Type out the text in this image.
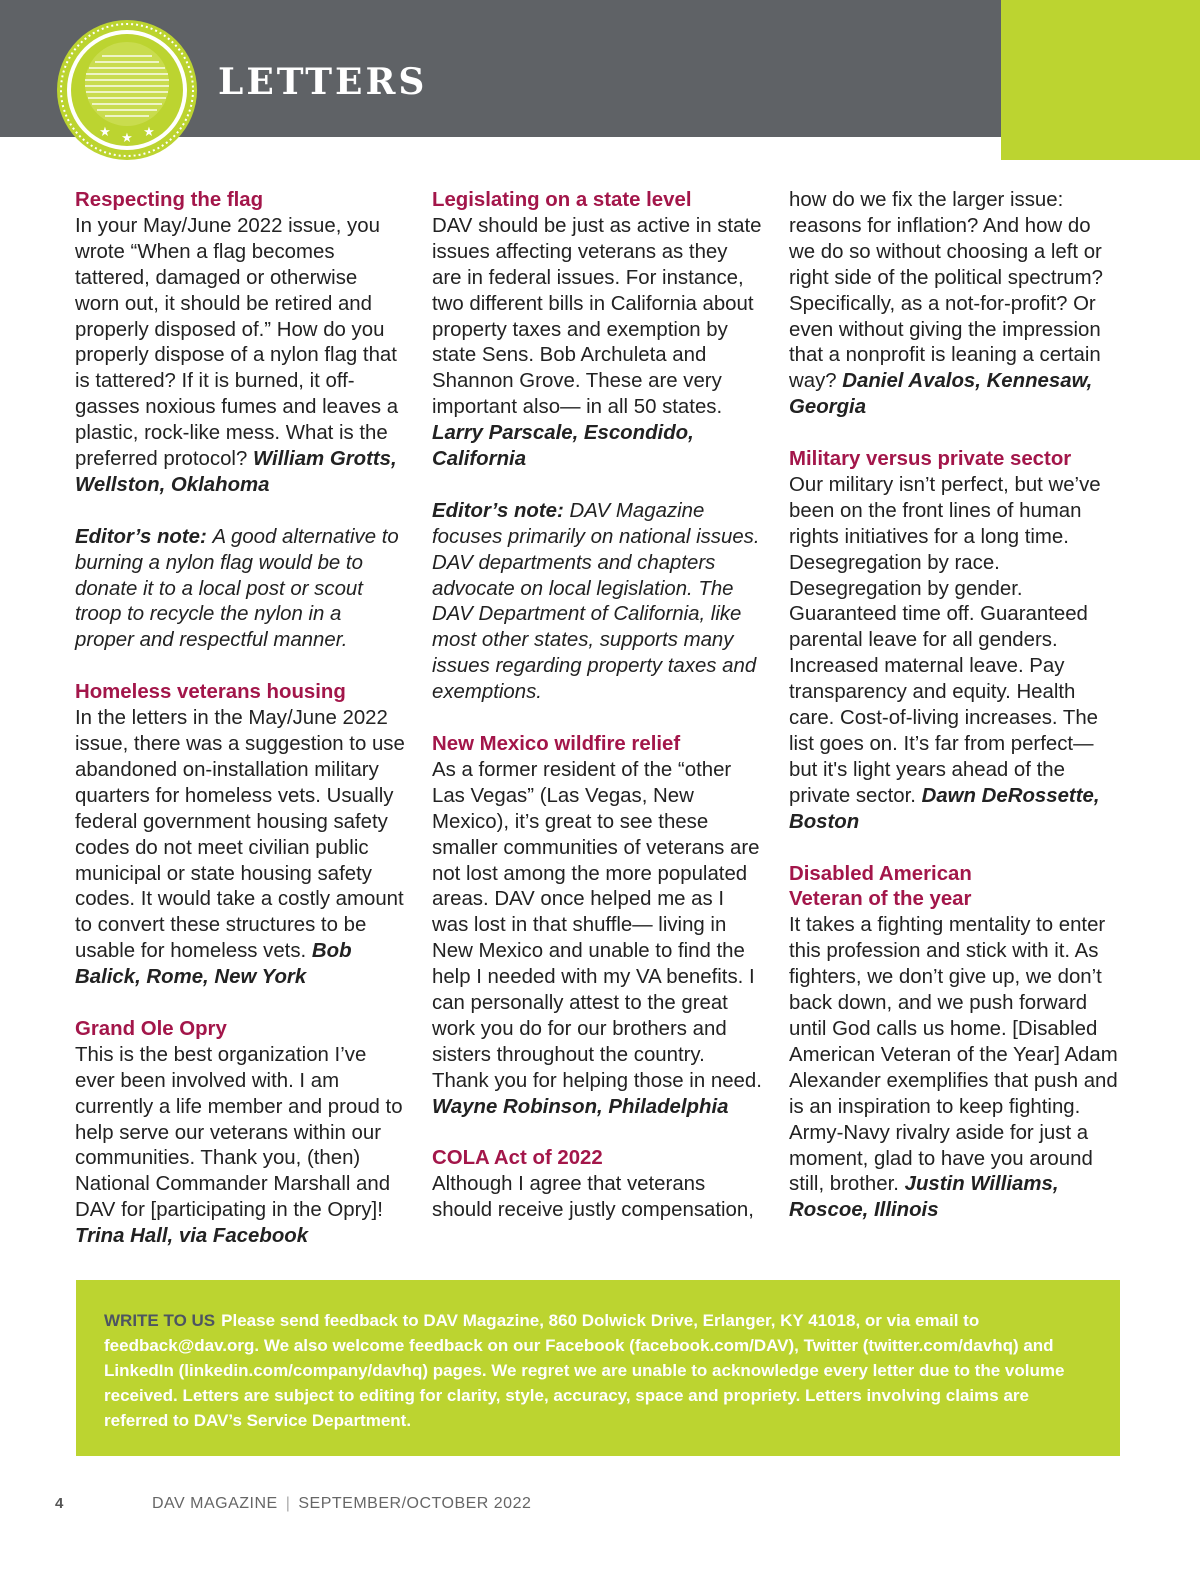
LETTERS
★ ★ ★
Respecting the flag
In your May/June 2022 issue, you wrote “When a flag becomes tattered, damaged or otherwise worn out, it should be retired and properly disposed of.” How do you properly dispose of a nylon flag that is tattered? If it is burned, it off-gasses noxious fumes and leaves a plastic, rock-like mess. What is the preferred protocol? William Grotts, Wellston, Oklahoma
Editor’s note: A good alternative to burning a nylon flag would be to donate it to a local post or scout troop to recycle the nylon in a proper and respectful manner.
Homeless veterans housing
In the letters in the May/June 2022 issue, there was a suggestion to use abandoned on-installation military quarters for homeless vets. Usually federal government housing safety codes do not meet civilian public municipal or state housing safety codes. It would take a costly amount to convert these structures to be usable for homeless vets. Bob Balick, Rome, New York
Grand Ole Opry
This is the best organization I’ve ever been involved with. I am currently a life member and proud to help serve our veterans within our communities. Thank you, (then) National Commander Marshall and DAV for [participating in the Opry]! Trina Hall, via Facebook
Legislating on a state level
DAV should be just as active in state issues affecting veterans as they are in federal issues. For instance, two different bills in California about property taxes and exemption by state Sens. Bob Archuleta and Shannon Grove. These are very important also— in all 50 states. Larry Parscale, Escondido, California
Editor’s note: DAV Magazine focuses primarily on national issues. DAV departments and chapters advocate on local legislation. The DAV Department of California, like most other states, supports many issues regarding property taxes and exemptions.
New Mexico wildfire relief
As a former resident of the “other Las Vegas” (Las Vegas, New Mexico), it’s great to see these smaller communities of veterans are not lost among the more populated areas. DAV once helped me as I was lost in that shuffle— living in New Mexico and unable to find the help I needed with my VA benefits. I can personally attest to the great work you do for our brothers and sisters throughout the country. Thank you for helping those in need. Wayne Robinson, Philadelphia
COLA Act of 2022
Although I agree that veterans should receive justly compensation,
how do we fix the larger issue: reasons for inflation? And how do we do so without choosing a left or right side of the political spectrum? Specifically, as a not-for-profit? Or even without giving the impression that a nonprofit is leaning a certain way? Daniel Avalos, Kennesaw, Georgia
Military versus private sector
Our military isn’t perfect, but we’ve been on the front lines of human rights initiatives for a long time. Desegregation by race. Desegregation by gender. Guaranteed time off. Guaranteed parental leave for all genders. Increased maternal leave. Pay transparency and equity. Health care. Cost-of-living increases. The list goes on. It’s far from perfect—but it's light years ahead of the private sector. Dawn DeRossette, Boston
Disabled American Veteran of the year
It takes a fighting mentality to enter this profession and stick with it. As fighters, we don’t give up, we don’t back down, and we push forward until God calls us home. [Disabled American Veteran of the Year] Adam Alexander exemplifies that push and is an inspiration to keep fighting. Army-Navy rivalry aside for just a moment, glad to have you around still, brother. Justin Williams, Roscoe, Illinois
WRITE TO US Please send feedback to DAV Magazine, 860 Dolwick Drive, Erlanger, KY 41018, or via email to feedback@dav.org. We also welcome feedback on our Facebook (facebook.com/DAV), Twitter (twitter.com/davhq) and LinkedIn (linkedin.com/company/davhq) pages. We regret we are unable to acknowledge every letter due to the volume received. Letters are subject to editing for clarity, style, accuracy, space and propriety. Letters involving claims are referred to DAV’s Service Department.
4	DAV MAGAZINE | SEPTEMBER/OCTOBER 2022
